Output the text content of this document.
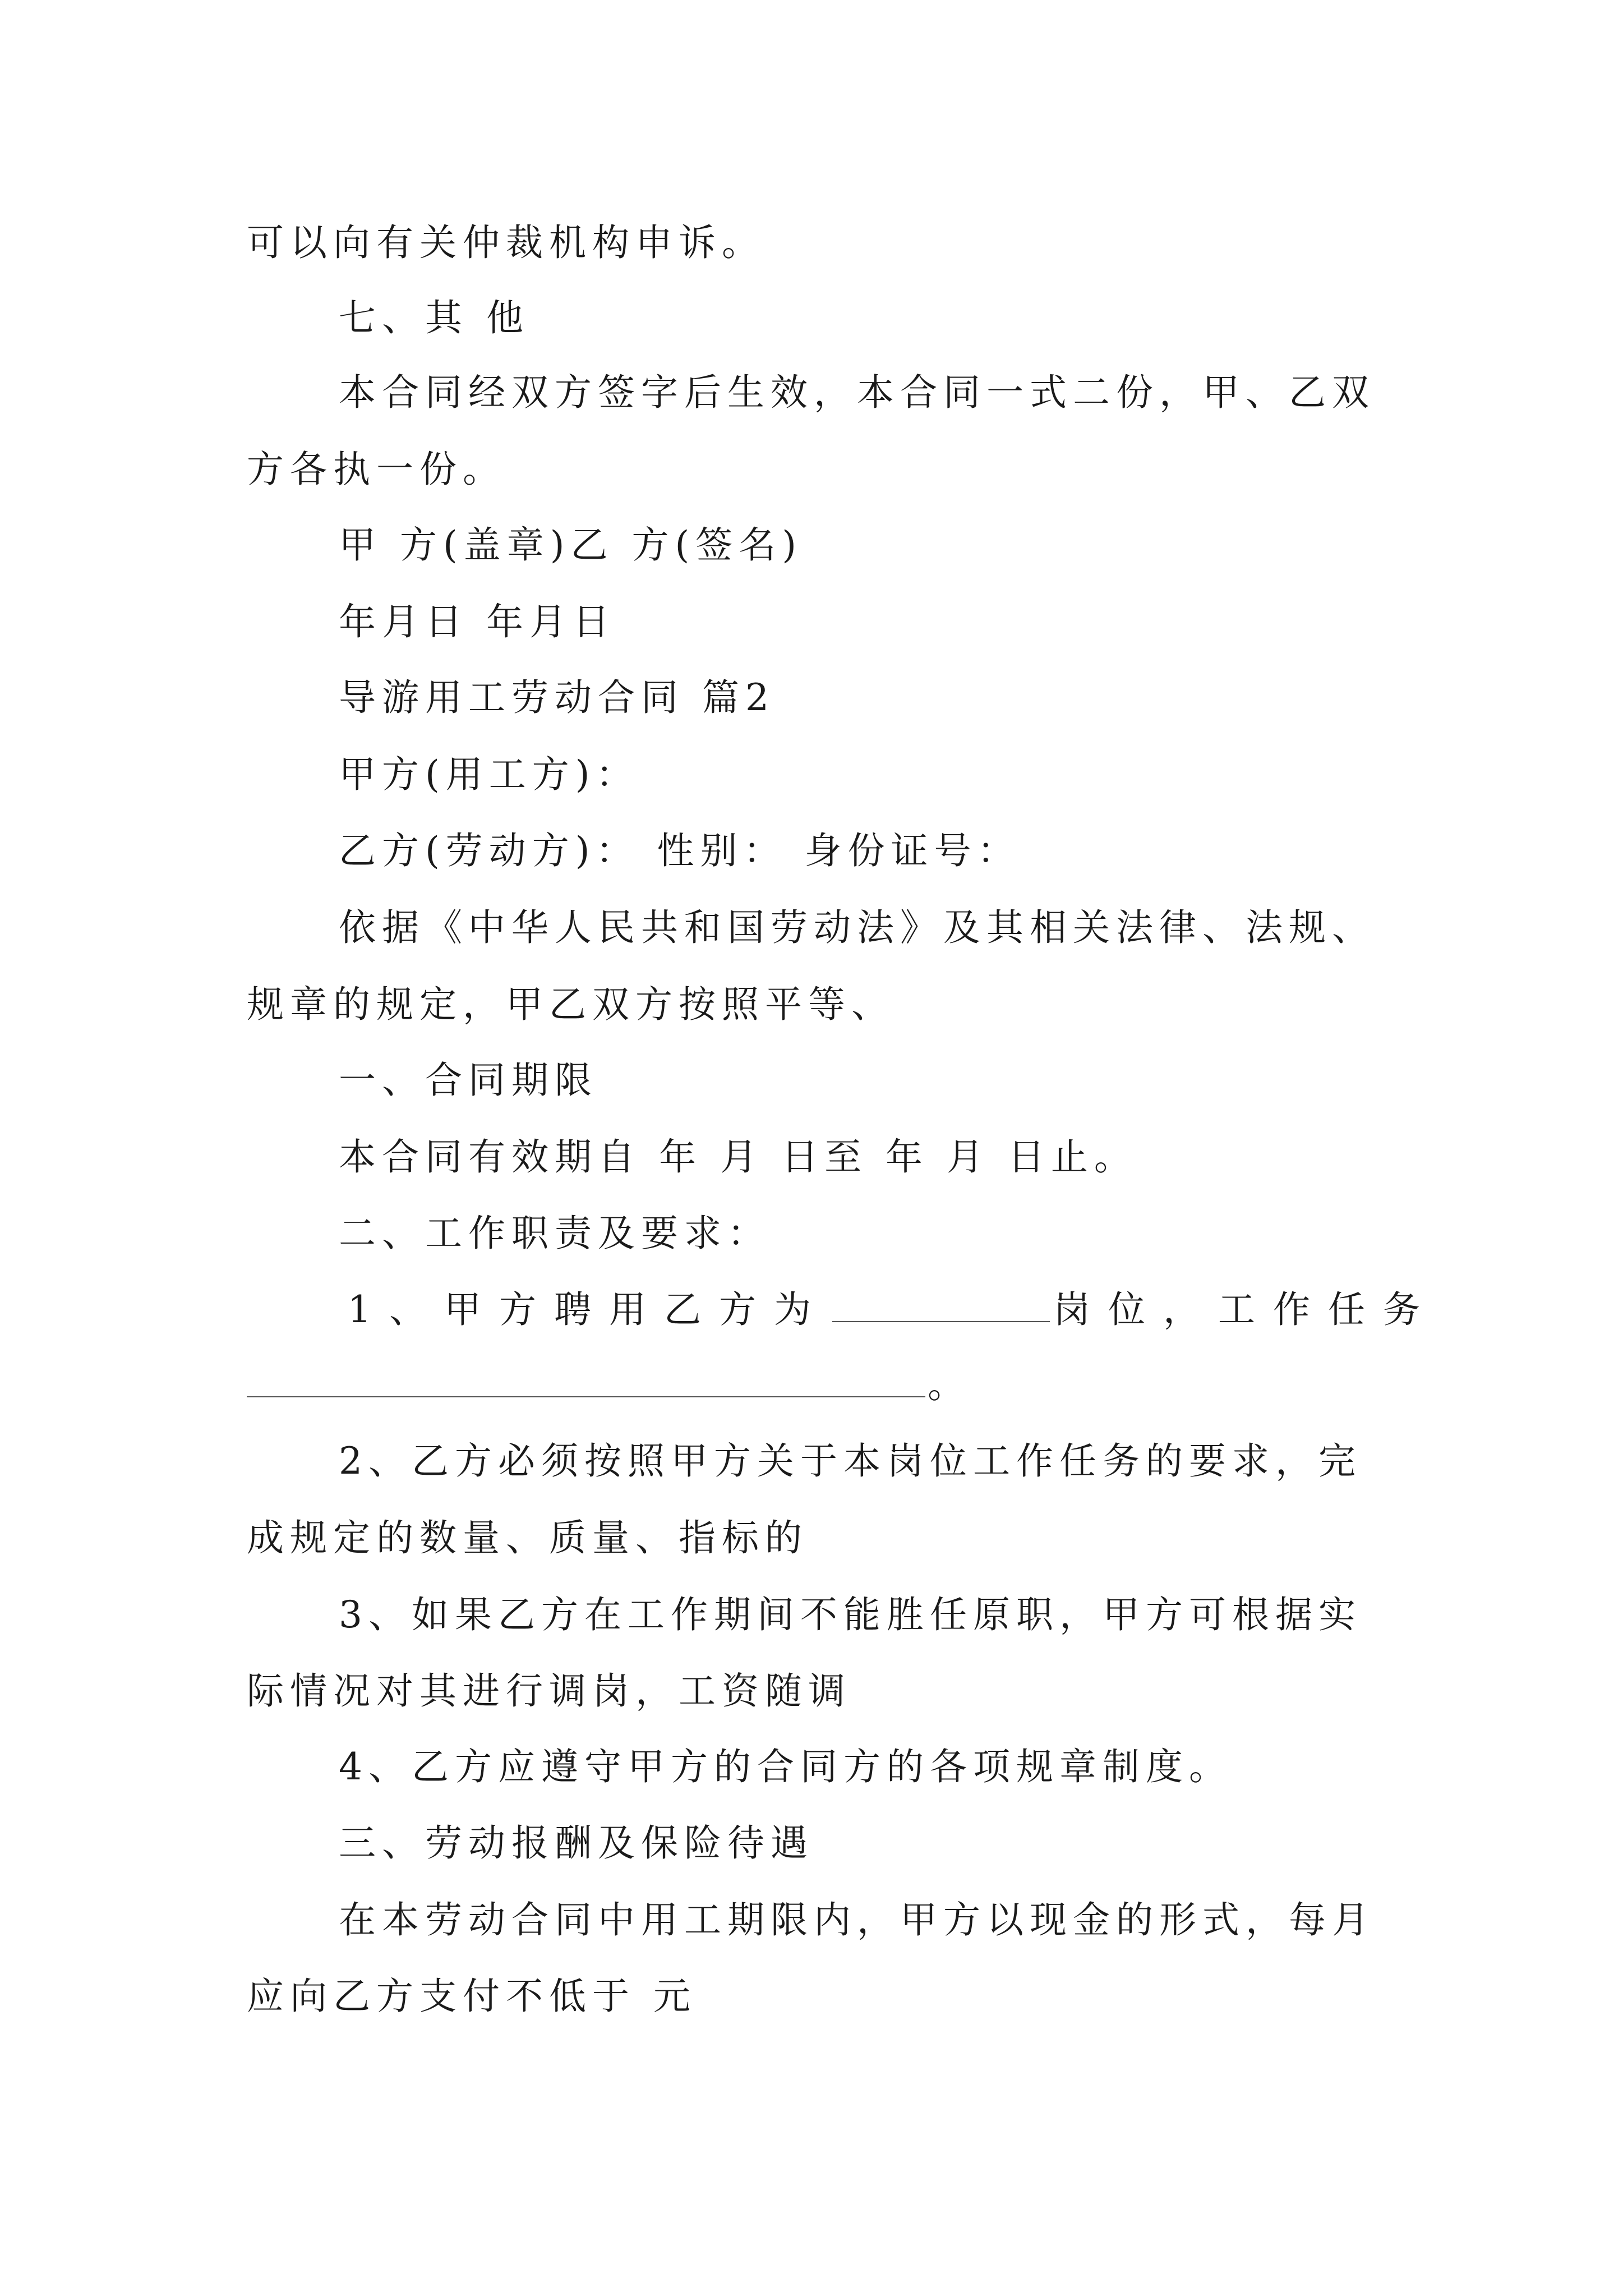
可以向有关仲裁机构申诉。

七、其 他

本合同经双方签字后生效，本合同一式二份，甲、乙双

方各执一份。

甲 方(盖章)乙 方(签名)

年月日 年月日

导游用工劳动合同 篇2

甲方(用工方)：

乙方(劳动方)： 性别： 身份证号：

依据《中华人民共和国劳动法》及其相关法律、法规、

规章的规定，甲乙双方按照平等、

一、合同期限

本合同有效期自 年 月 日至 年 月 日止。

二、工作职责及要求：

1、甲方聘用乙方为	岗位，工作任务

。

2、乙方必须按照甲方关于本岗位工作任务的要求，完

成规定的数量、质量、指标的

3、如果乙方在工作期间不能胜任原职，甲方可根据实

际情况对其进行调岗，工资随调

4、乙方应遵守甲方的合同方的各项规章制度。

三、劳动报酬及保险待遇

在本劳动合同中用工期限内，甲方以现金的形式，每月

应向乙方支付不低于 元
